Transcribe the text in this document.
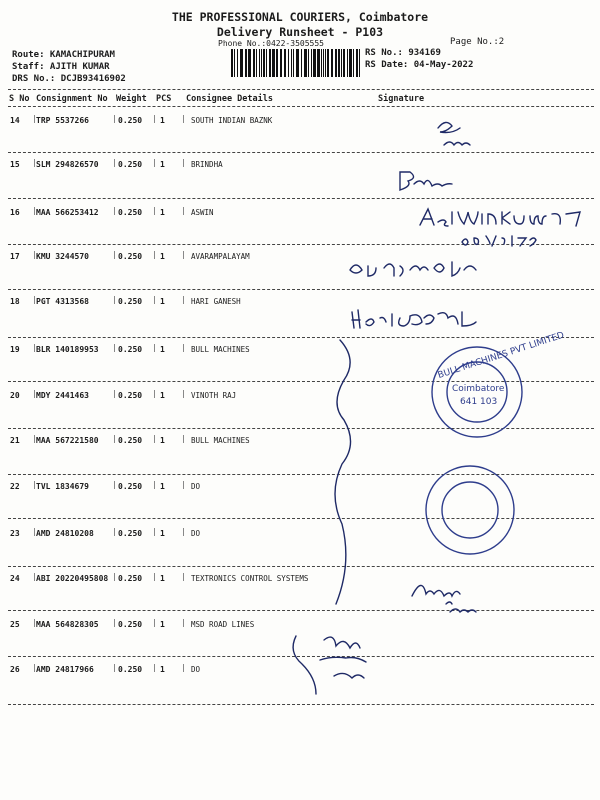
THE PROFESSIONAL COURIERS, Coimbatore
Delivery Runsheet - P103
Phone No.:0422-3505555	Page No.:2
Route: KAMACHIPURAM
Staff: AJITH KUMAR
DRS No.: DCJB93416902
RS No.: 934169
RS Date: 04-May-2022
S No Consignment No Weight PCS Consignee Details	Signature
14 TRP 5537266	0.250 1	SOUTH INDIAN BAZNK
15 SLM 294826570 0.250 1	BRINDHA
16 MAA 566253412 0.250 1	ASWIN
17 KMU 3244570	0.250 1	AVARAMPALAYAM
18 PGT 4313568	0.250 1	HARI GANESH
19 BLR 140189953 0.250 1	BULL MACHINES
20 MDY 2441463	0.250 1	VINOTH RAJ
21 MAA 567221580 0.250 1	BULL MACHINES
22 TVL 1834679	0.250 1	DO
23 AMD 24810208	0.250 1	DO
24 ABI 20220495808 0.250 1	TEXTRONICS CONTROL SYSTEMS
25 MAA 564828305 0.250 1	MSD ROAD LINES
26 AMD 24817966	0.250 1	DO
BULL MACHINES PVT LIMITED
Coimbatore
641 103
